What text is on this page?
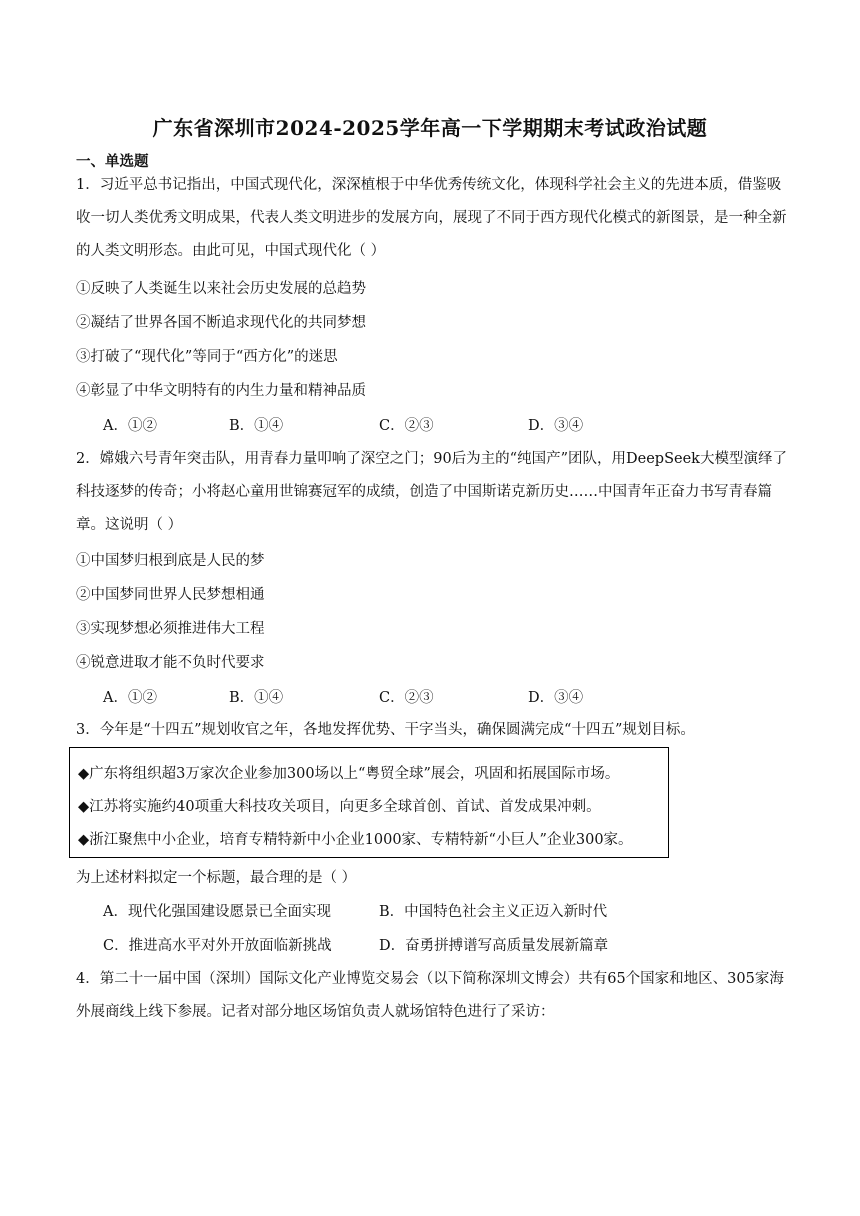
广东省深圳市2024-2025学年高一下学期期末考试政治试题
一、单选题
1．习近平总书记指出，中国式现代化，深深植根于中华优秀传统文化，体现科学社会主义的先进本质，借鉴吸收一切人类优秀文明成果，代表人类文明进步的发展方向，展现了不同于西方现代化模式的新图景，是一种全新的人类文明形态。由此可见，中国式现代化（ ）
①反映了人类诞生以来社会历史发展的总趋势
②凝结了世界各国不断追求现代化的共同梦想
③打破了“现代化”等同于“西方化”的迷思
④彰显了中华文明特有的内生力量和精神品质
A．①②	B．①④	C．②③	D．③④
2．嫦娥六号青年突击队，用青春力量叩响了深空之门；90后为主的“纯国产”团队，用DeepSeek大模型演绎了科技逐梦的传奇；小将赵心童用世锦赛冠军的成绩，创造了中国斯诺克新历史……中国青年正奋力书写青春篇章。这说明（ ）
①中国梦归根到底是人民的梦
②中国梦同世界人民梦想相通
③实现梦想必须推进伟大工程
④锐意进取才能不负时代要求
A．①②	B．①④	C．②③	D．③④
3．今年是“十四五”规划收官之年，各地发挥优势、干字当头，确保圆满完成“十四五”规划目标。
◆广东将组织超3万家次企业参加300场以上“粤贸全球”展会，巩固和拓展国际市场。
◆江苏将实施约40项重大科技攻关项目，向更多全球首创、首试、首发成果冲刺。
◆浙江聚焦中小企业，培育专精特新中小企业1000家、专精特新“小巨人”企业300家。
为上述材料拟定一个标题，最合理的是（ ）
A．现代化强国建设愿景已全面实现	B．中国特色社会主义正迈入新时代
C．推进高水平对外开放面临新挑战	D．奋勇拼搏谱写高质量发展新篇章
4．第二十一届中国（深圳）国际文化产业博览交易会（以下简称深圳文博会）共有65个国家和地区、305家海外展商线上线下参展。记者对部分地区场馆负责人就场馆特色进行了采访：
